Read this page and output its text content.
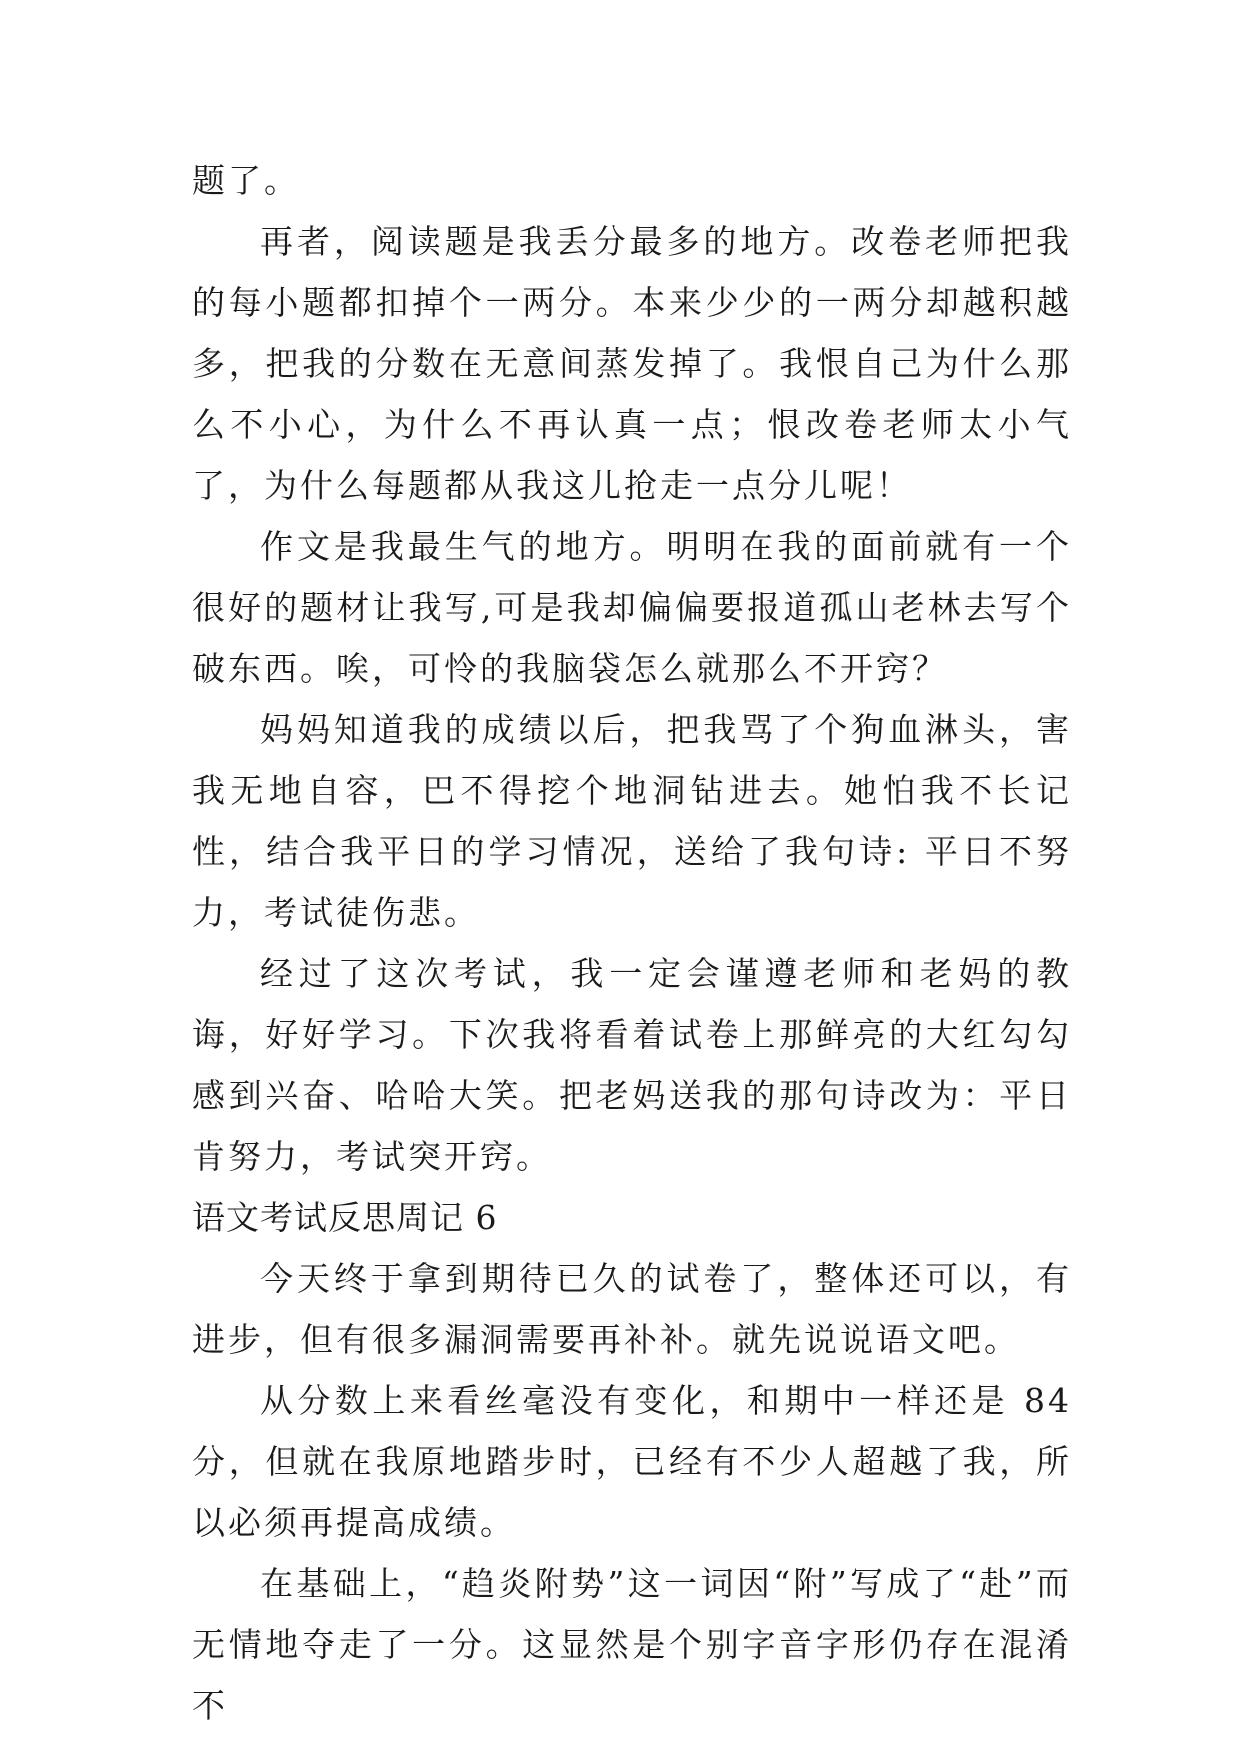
题了。

再者，阅读题是我丢分最多的地方。改卷老师把我的每小题都扣掉个一两分。本来少少的一两分却越积越多，把我的分数在无意间蒸发掉了。我恨自己为什么那么不小心，为什么不再认真一点；恨改卷老师太小气了，为什么每题都从我这儿抢走一点分儿呢！

作文是我最生气的地方。明明在我的面前就有一个很好的题材让我写,可是我却偏偏要报道孤山老林去写个破东西。唉，可怜的我脑袋怎么就那么不开窍？

妈妈知道我的成绩以后，把我骂了个狗血淋头，害我无地自容，巴不得挖个地洞钻进去。她怕我不长记性，结合我平日的学习情况，送给了我句诗: 平日不努力，考试徒伤悲。

经过了这次考试，我一定会谨遵老师和老妈的教诲，好好学习。下次我将看着试卷上那鲜亮的大红勾勾感到兴奋、哈哈大笑。把老妈送我的那句诗改为：平日肯努力，考试突开窍。

语文考试反思周记 6

今天终于拿到期待已久的试卷了，整体还可以，有进步，但有很多漏洞需要再补补。就先说说语文吧。

从分数上来看丝毫没有变化，和期中一样还是 84 分，但就在我原地踏步时，已经有不少人超越了我，所以必须再提高成绩。

在基础上，“趋炎附势”这一词因“附”写成了“赴”而无情地夺走了一分。这显然是个别字音字形仍存在混淆不
